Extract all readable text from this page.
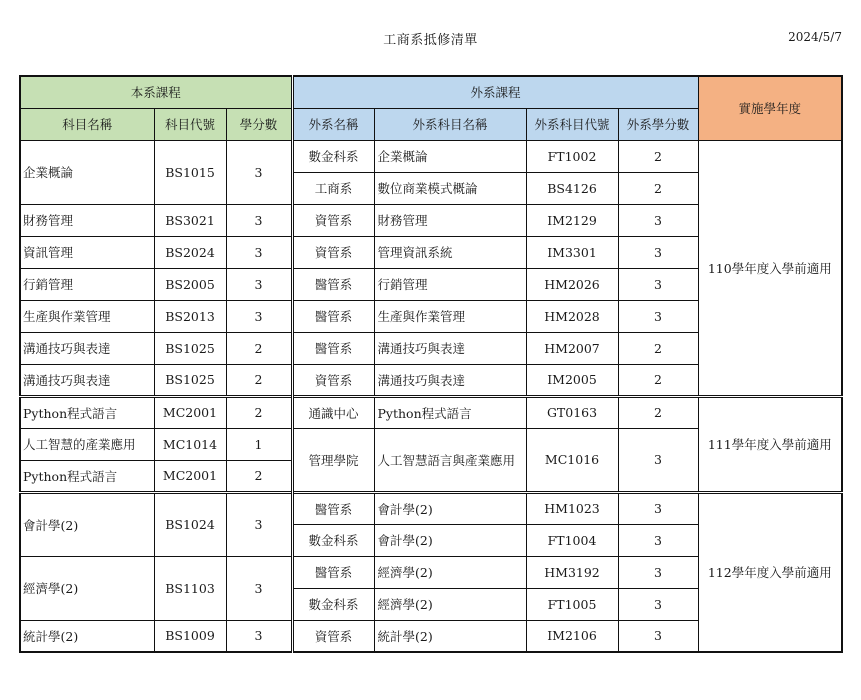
工商系抵修清單	2024/5/7
本系課程			外系課程				實施學年度
科目名稱	科目代號	學分數	外系名稱	外系科目名稱	外系科目代號	外系學分數	
企業概論	BS1015	3	數金科系	企業概論	FT1002	2	110學年度入學前適用
			工商系	數位商業模式概論	BS4126	2	
財務管理	BS3021	3	資管系	財務管理	IM2129	3	
資訊管理	BS2024	3	資管系	管理資訊系統	IM3301	3	
行銷管理	BS2005	3	醫管系	行銷管理	HM2026	3	
生產與作業管理	BS2013	3	醫管系	生產與作業管理	HM2028	3	
溝通技巧與表達	BS1025	2	醫管系	溝通技巧與表達	HM2007	2	
溝通技巧與表達	BS1025	2	資管系	溝通技巧與表達	IM2005	2	
Python程式語言	MC2001	2	通識中心	Python程式語言	GT0163	2	111學年度入學前適用
人工智慧的產業應用	MC1014	1	管理學院	人工智慧語言與產業應用	MC1016	3	
Python程式語言	MC2001	2					
會計學(2)	BS1024	3	醫管系	會計學(2)	HM1023	3	112學年度入學前適用
			數金科系	會計學(2)	FT1004	3	
經濟學(2)	BS1103	3	醫管系	經濟學(2)	HM3192	3	
			數金科系	經濟學(2)	FT1005	3	
統計學(2)	BS1009	3	資管系	統計學(2)	IM2106	3	
